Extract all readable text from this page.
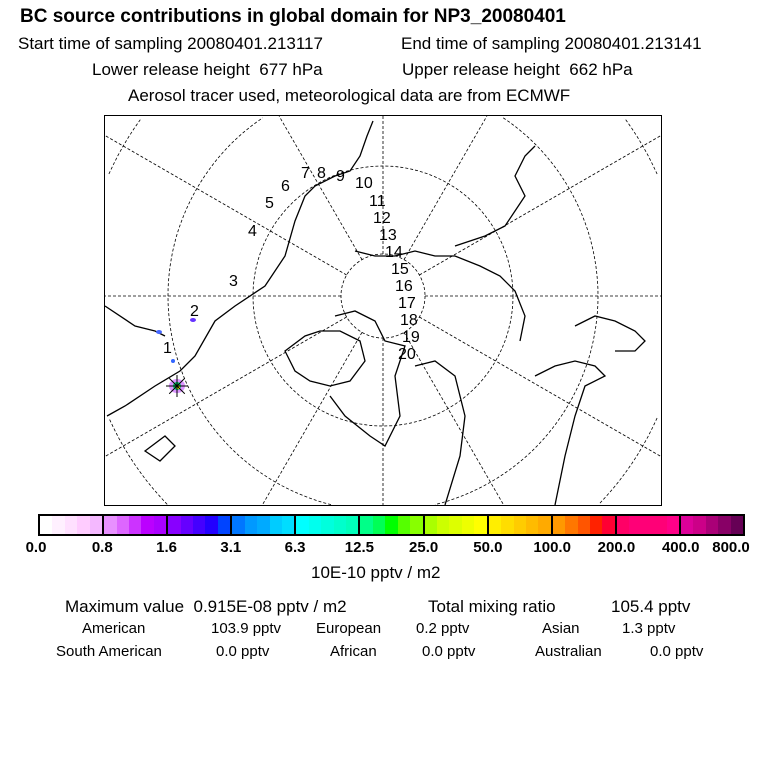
BC source contributions in global domain for NP3_20080401
Start time of sampling 20080401.213117	End time of sampling 20080401.213141
Lower release height 677 hPa	Upper release height 662 hPa
Aerosol tracer used, meteorological data are from ECMWF
1
2
3
4
5
6
7 8 9 10
11
12
13
14
15
16
17
18
19
20
0.0	0.8	1.6	3.1	6.3	12.5 25.0 50.0 100.0 200.0 400.0 800.0
10E-10 pptv / m2
Maximum value 0.915E-08 pptv / m2	Total mixing ratio	105.4 pptv
American	103.9 pptv European 0.2 pptv	Asian	1.3 pptv
South American	0.0 pptv	African	0.0 pptv	Australian	0.0 pptv
